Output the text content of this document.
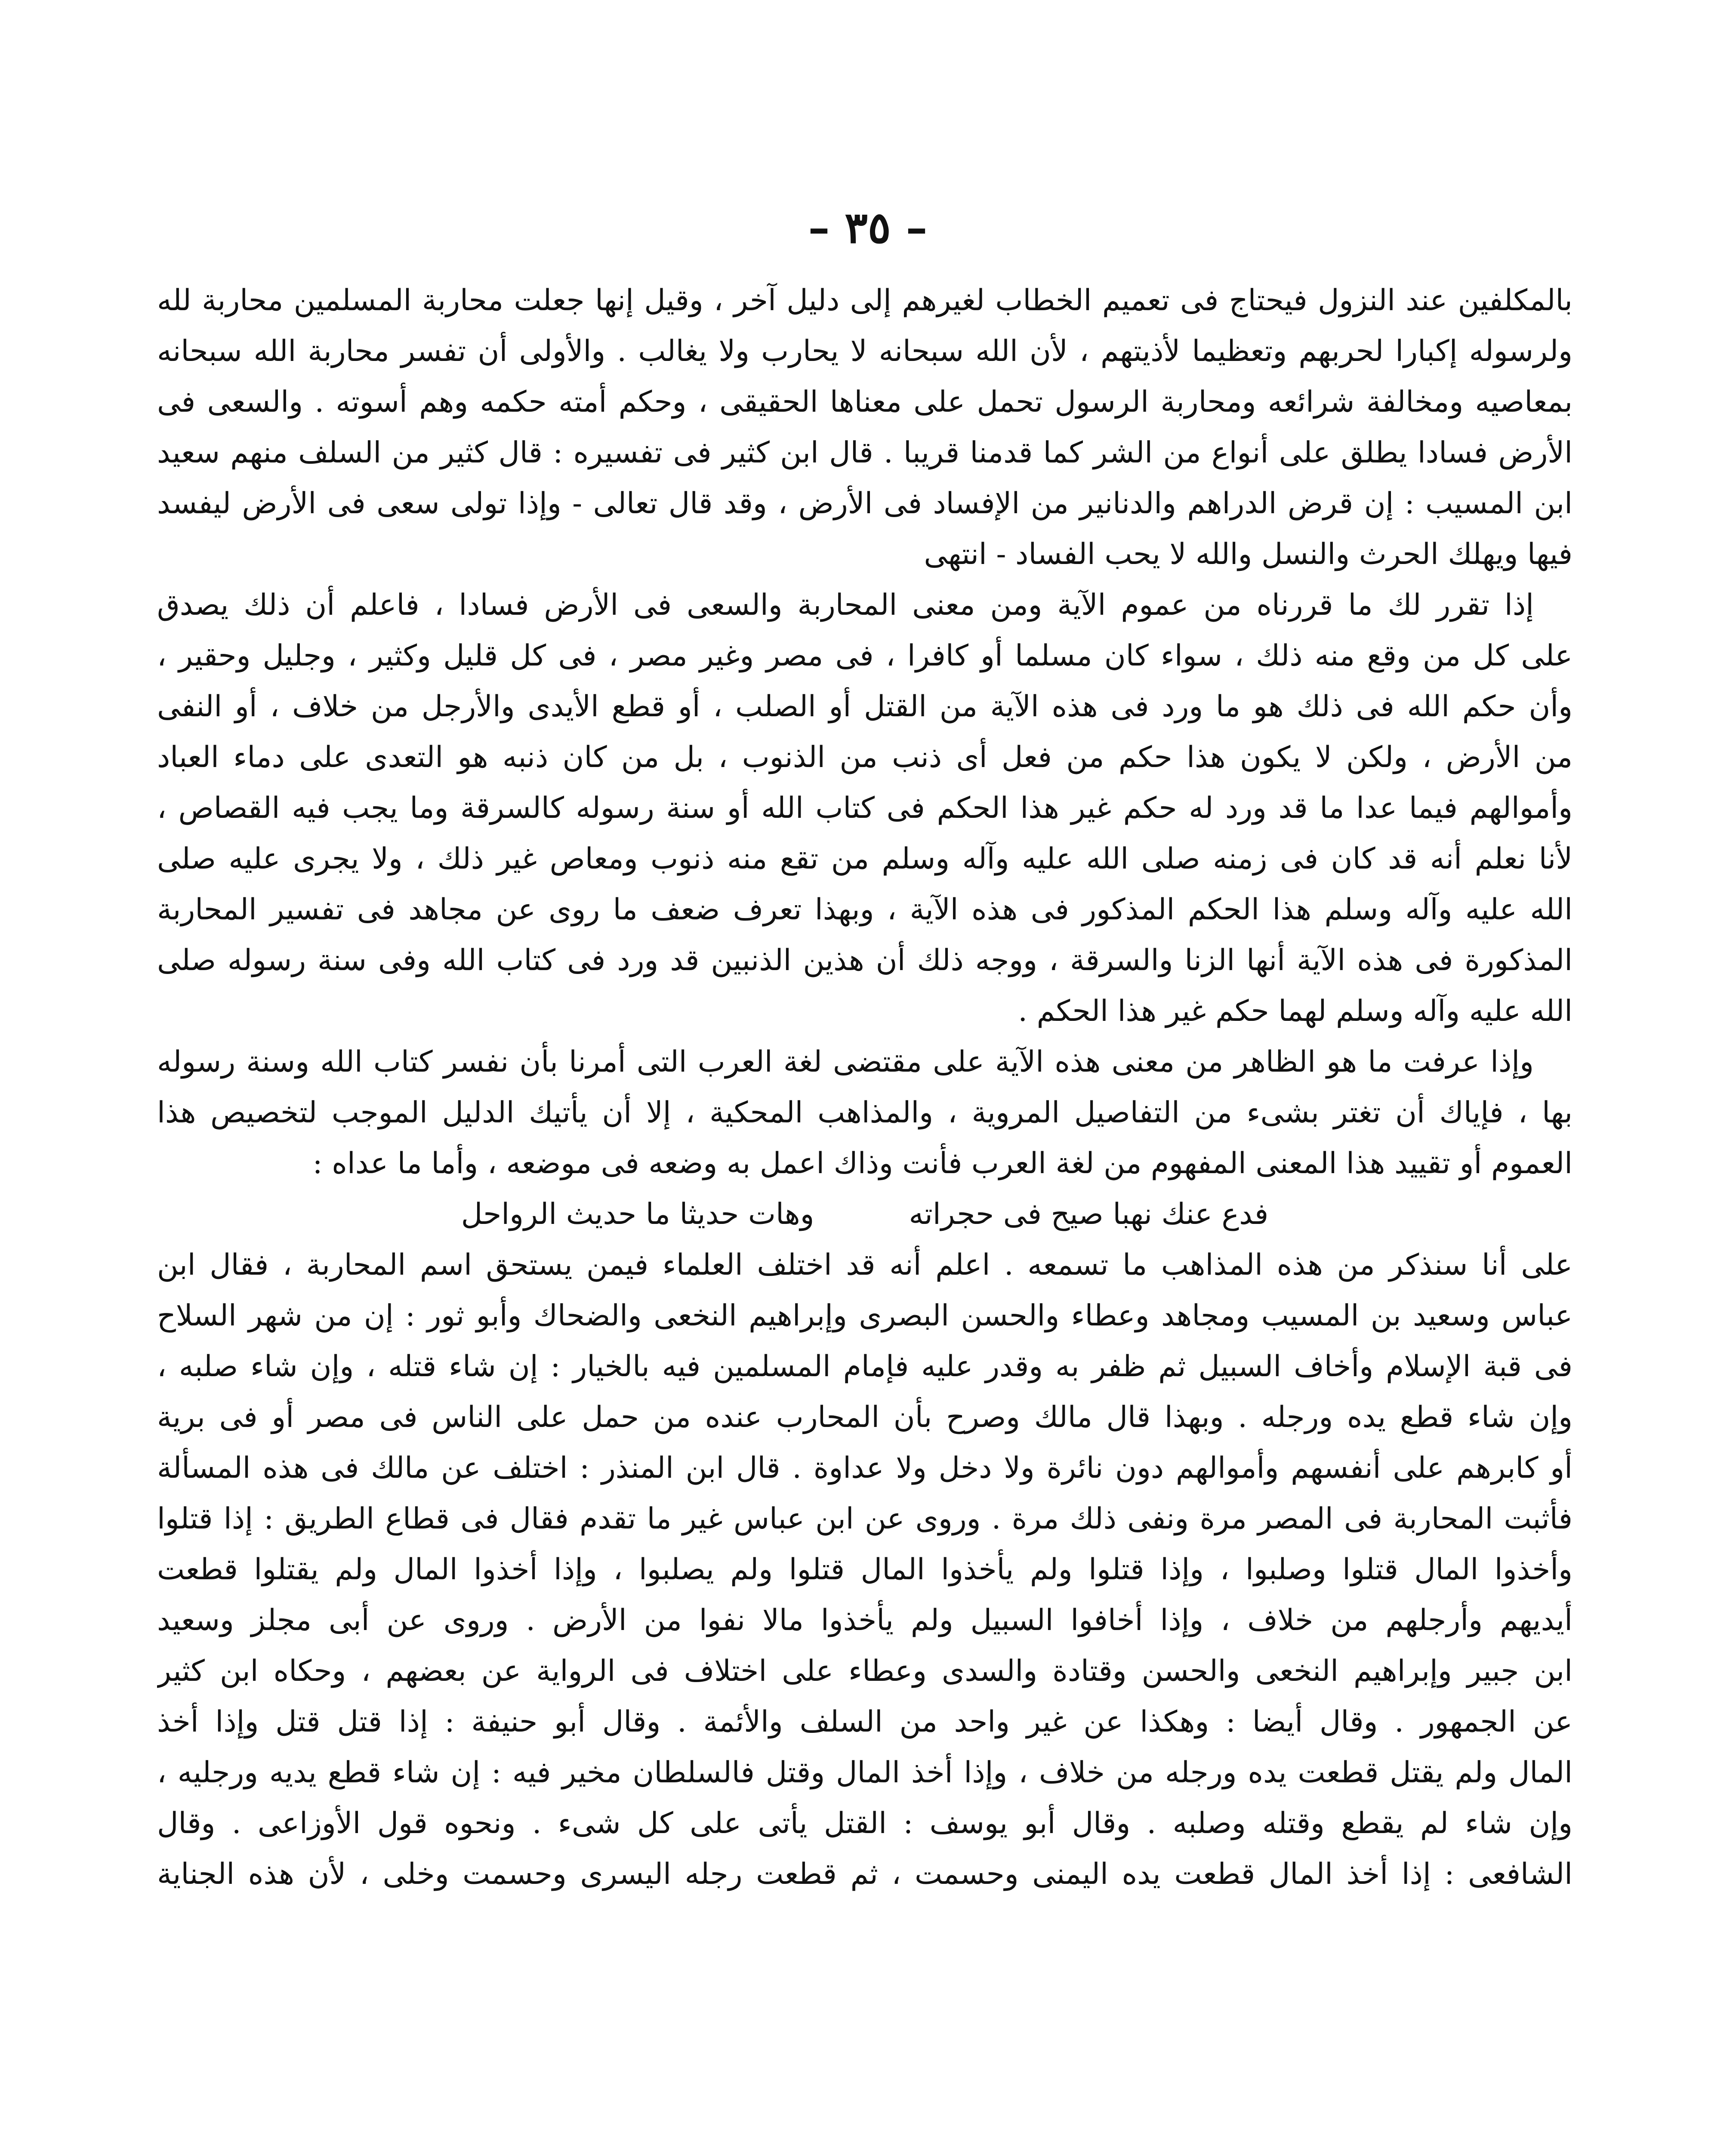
– ٣٥ –
بالمكلفين عند النزول فيحتاج فى تعميم الخطاب لغيرهم إلى دليل آخر ، وقيل إنها جعلت محاربة المسلمين محاربة لله
ولرسوله إكبارا لحربهم وتعظيما لأذيتهم ، لأن الله سبحانه لا يحارب ولا يغالب . والأولى أن تفسر محاربة الله سبحانه
بمعاصيه ومخالفة شرائعه ومحاربة الرسول تحمل على معناها الحقيقى ، وحكم أمته حكمه وهم أسوته . والسعى فى
الأرض فسادا يطلق على أنواع من الشر كما قدمنا قريبا . قال ابن كثير فى تفسيره : قال كثير من السلف منهم سعيد
ابن المسيب : إن قرض الدراهم والدنانير من الإفساد فى الأرض ، وقد قال تعالى - وإذا تولى سعى فى الأرض ليفسد
فيها ويهلك الحرث والنسل والله لا يحب الفساد - انتهى
إذا تقرر لك ما قررناه من عموم الآية ومن معنى المحاربة والسعى فى الأرض فسادا ، فاعلم أن ذلك يصدق
على كل من وقع منه ذلك ، سواء كان مسلما أو كافرا ، فى مصر وغير مصر ، فى كل قليل وكثير ، وجليل وحقير ،
وأن حكم الله فى ذلك هو ما ورد فى هذه الآية من القتل أو الصلب ، أو قطع الأيدى والأرجل من خلاف ، أو النفى
من الأرض ، ولكن لا يكون هذا حكم من فعل أى ذنب من الذنوب ، بل من كان ذنبه هو التعدى على دماء العباد
وأموالهم فيما عدا ما قد ورد له حكم غير هذا الحكم فى كتاب الله أو سنة رسوله كالسرقة وما يجب فيه القصاص ،
لأنا نعلم أنه قد كان فى زمنه صلى الله عليه وآله وسلم من تقع منه ذنوب ومعاص غير ذلك ، ولا يجرى عليه صلى
الله عليه وآله وسلم هذا الحكم المذكور فى هذه الآية ، وبهذا تعرف ضعف ما روى عن مجاهد فى تفسير المحاربة
المذكورة فى هذه الآية أنها الزنا والسرقة ، ووجه ذلك أن هذين الذنبين قد ورد فى كتاب الله وفى سنة رسوله صلى
الله عليه وآله وسلم لهما حكم غير هذا الحكم .
وإذا عرفت ما هو الظاهر من معنى هذه الآية على مقتضى لغة العرب التى أمرنا بأن نفسر كتاب الله وسنة رسوله
بها ، فإياك أن تغتر بشىء من التفاصيل المروية ، والمذاهب المحكية ، إلا أن يأتيك الدليل الموجب لتخصيص هذا
العموم أو تقييد هذا المعنى المفهوم من لغة العرب فأنت وذاك اعمل به وضعه فى موضعه ، وأما ما عداه :
فدع عنك نهبا صيح فى حجراته
وهات حديثا ما حديث الرواحل
على أنا سنذكر من هذه المذاهب ما تسمعه . اعلم أنه قد اختلف العلماء فيمن يستحق اسم المحاربة ، فقال ابن
عباس وسعيد بن المسيب ومجاهد وعطاء والحسن البصرى وإبراهيم النخعى والضحاك وأبو ثور : إن من شهر السلاح
فى قبة الإسلام وأخاف السبيل ثم ظفر به وقدر عليه فإمام المسلمين فيه بالخيار : إن شاء قتله ، وإن شاء صلبه ،
وإن شاء قطع يده ورجله . وبهذا قال مالك وصرح بأن المحارب عنده من حمل على الناس فى مصر أو فى برية
أو كابرهم على أنفسهم وأموالهم دون نائرة ولا دخل ولا عداوة . قال ابن المنذر : اختلف عن مالك فى هذه المسألة
فأثبت المحاربة فى المصر مرة ونفى ذلك مرة . وروى عن ابن عباس غير ما تقدم فقال فى قطاع الطريق : إذا قتلوا
وأخذوا المال قتلوا وصلبوا ، وإذا قتلوا ولم يأخذوا المال قتلوا ولم يصلبوا ، وإذا أخذوا المال ولم يقتلوا قطعت
أيديهم وأرجلهم من خلاف ، وإذا أخافوا السبيل ولم يأخذوا مالا نفوا من الأرض . وروى عن أبى مجلز وسعيد
ابن جبير وإبراهيم النخعى والحسن وقتادة والسدى وعطاء على اختلاف فى الرواية عن بعضهم ، وحكاه ابن كثير
عن الجمهور . وقال أيضا : وهكذا عن غير واحد من السلف والأئمة . وقال أبو حنيفة : إذا قتل قتل وإذا أخذ
المال ولم يقتل قطعت يده ورجله من خلاف ، وإذا أخذ المال وقتل فالسلطان مخير فيه : إن شاء قطع يديه ورجليه ،
وإن شاء لم يقطع وقتله وصلبه . وقال أبو يوسف : القتل يأتى على كل شىء . ونحوه قول الأوزاعى . وقال
الشافعى : إذا أخذ المال قطعت يده اليمنى وحسمت ، ثم قطعت رجله اليسرى وحسمت وخلى ، لأن هذه الجناية
